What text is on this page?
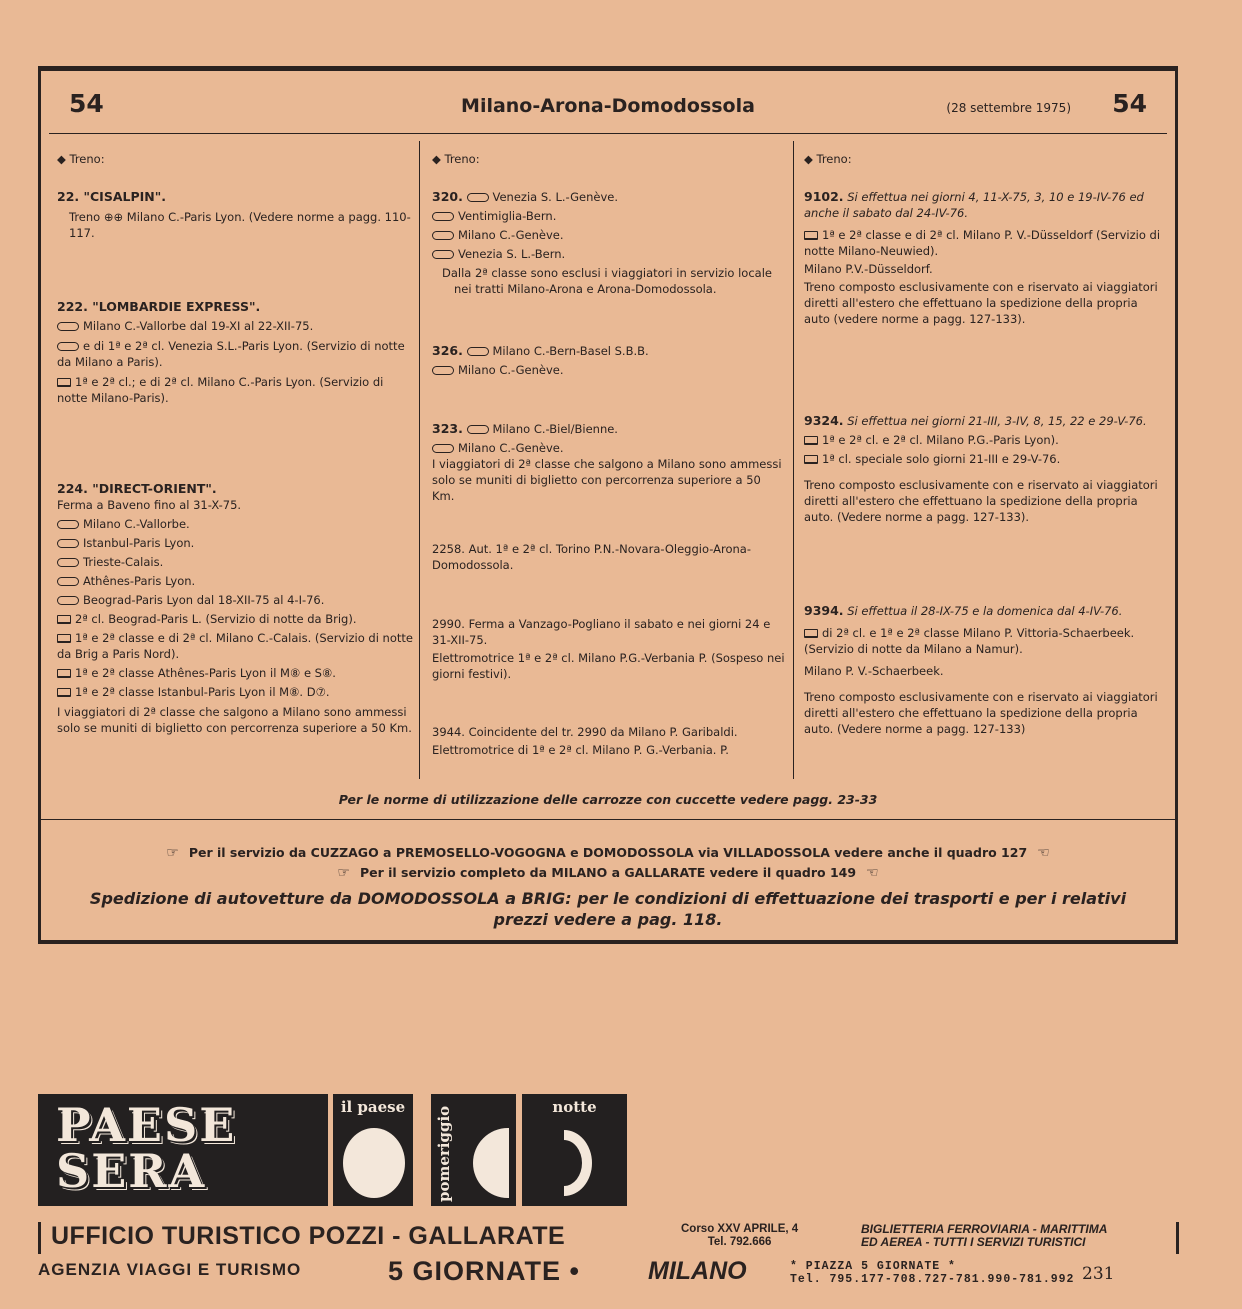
54	Milano-Arona-Domodossola	(28 settembre 1975) 54
◆ Treno:
22. "CISALPIN".
Treno ⊕⊕ Milano C.-Paris Lyon. (Vedere norme a pagg. 110-117.
222. "LOMBARDIE EXPRESS".
Milano C.-Vallorbe dal 19-XI al 22-XII-75.
e di 1ª e 2ª cl. Venezia S.L.-Paris Lyon. (Servizio di notte da Milano a Paris).
1ª e 2ª cl.; e di 2ª cl. Milano C.-Paris Lyon. (Servizio di notte Milano-Paris).
224. "DIRECT-ORIENT".
Ferma a Baveno fino al 31-X-75.
Milano C.-Vallorbe.
Istanbul-Paris Lyon.
Trieste-Calais.
Athênes-Paris Lyon.
Beograd-Paris Lyon dal 18-XII-75 al 4-I-76.
2ª cl. Beograd-Paris L. (Servizio di notte da Brig).
1ª e 2ª classe e di 2ª cl. Milano C.-Calais. (Servizio di notte da Brig a Paris Nord).
1ª e 2ª classe Athênes-Paris Lyon il M⑧ e S⑧.
1ª e 2ª classe Istanbul-Paris Lyon il M⑧. D⑦.
I viaggiatori di 2ª classe che salgono a Milano sono ammessi solo se muniti di biglietto con percorrenza superiore a 50 Km.
◆ Treno:
320.	Venezia S. L.-Genève.
Ventimiglia-Bern.
Milano C.-Genève.
Venezia S. L.-Bern.
Dalla 2ª classe sono esclusi i viaggiatori in servizio locale nei tratti Milano-Arona e Arona-Domodossola.
326.	Milano C.-Bern-Basel S.B.B.
Milano C.-Genève.
323.	Milano C.-Biel/Bienne.
Milano C.-Genève.
I viaggiatori di 2ª classe che salgono a Milano sono ammessi solo se muniti di biglietto con percorrenza superiore a 50 Km.
2258. Aut. 1ª e 2ª cl. Torino P.N.-Novara-Oleggio-Arona-Domodossola.
2990. Ferma a Vanzago-Pogliano il sabato e nei giorni 24 e 31-XII-75.
Elettromotrice 1ª e 2ª cl. Milano P.G.-Verbania P. (Sospeso nei giorni festivi).
3944. Coincidente del tr. 2990 da Milano P. Garibaldi.
Elettromotrice di 1ª e 2ª cl. Milano P. G.-Verbania. P.
◆ Treno:
9102. Si effettua nei giorni 4, 11-X-75, 3, 10 e 19-IV-76 ed anche il sabato dal 24-IV-76.
1ª e 2ª classe e di 2ª cl. Milano P. V.-Düsseldorf (Servizio di notte Milano-Neuwied).
Milano P.V.-Düsseldorf.
Treno composto esclusivamente con e riservato ai viaggiatori diretti all'estero che effettuano la spedizione della propria auto (vedere norme a pagg. 127-133).
9324. Si effettua nei giorni 21-III, 3-IV, 8, 15, 22 e 29-V-76.
1ª e 2ª cl. e 2ª cl. Milano P.G.-Paris Lyon).
1ª cl. speciale solo giorni 21-III e 29-V-76.
Treno composto esclusivamente con e riservato ai viaggiatori diretti all'estero che effettuano la spedizione della propria auto. (Vedere norme a pagg. 127-133).
9394. Si effettua il 28-IX-75 e la domenica dal 4-IV-76.
di 2ª cl. e 1ª e 2ª classe Milano P. Vittoria-Schaerbeek. (Servizio di notte da Milano a Namur).
Milano P. V.-Schaerbeek.
Treno composto esclusivamente con e riservato ai viaggiatori diretti all'estero che effettuano la spedizione della propria auto. (Vedere norme a pagg. 127-133)
Per le norme di utilizzazione delle carrozze con cuccette vedere pagg. 23-33
☞ Per il servizio da CUZZAGO a PREMOSELLO-VOGOGNA e DOMODOSSOLA via VILLADOSSOLA vedere anche il quadro 127 ☜
☞ Per il servizio completo da MILANO a GALLARATE vedere il quadro 149 ☜
Spedizione di autovetture da DOMODOSSOLA a BRIG: per le condizioni di effettuazione dei trasporti e per i relativi prezzi vedere a pag. 118.
PAESE
SERA
il paese	pomeriggio	notte
UFFICIO TURISTICO POZZI - GALLARATE	Corso XXV APRILE, 4
Tel. 792.666
BIGLIETTERIA FERROVIARIA - MARITTIMA
ED AEREA - TUTTI I SERVIZI TURISTICI
AGENZIA VIAGGI E TURISMO	5 GIORNATE •	MILANO	* PIAZZA 5 GIORNATE *
Tel. 795.177-708.727-781.990-781.992 231
